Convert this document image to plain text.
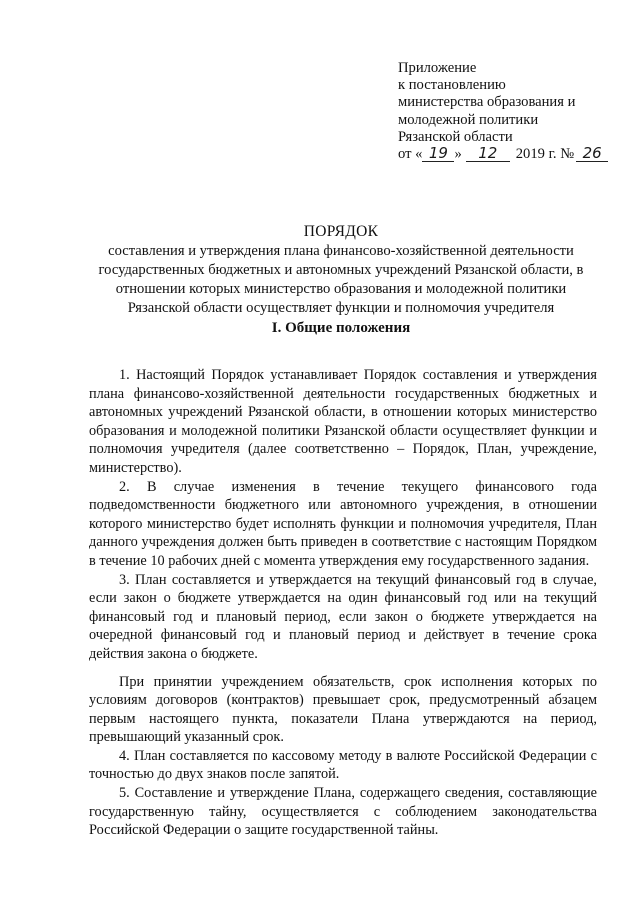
Приложение
к постановлению
министерства образования и
молодежной политики
Рязанской области
от « 19 » 12 2019 г. № 26
ПОРЯДОК
составления и утверждения плана финансово-хозяйственной деятельности государственных бюджетных и автономных учреждений Рязанской области, в отношении которых министерство образования и молодежной политики Рязанской области осуществляет функции и полномочия учредителя
I. Общие положения

1. Настоящий Порядок устанавливает Порядок составления и утверждения плана финансово-хозяйственной деятельности государственных бюджетных и автономных учреждений Рязанской области, в отношении которых министерство образования и молодежной политики Рязанской области осуществляет функции и полномочия учредителя (далее соответственно – Порядок, План, учреждение, министерство).

2. В случае изменения в течение текущего финансового года подведомственности бюджетного или автономного учреждения, в отношении которого министерство будет исполнять функции и полномочия учредителя, План данного учреждения должен быть приведен в соответствие с настоящим Порядком в течение 10 рабочих дней с момента утверждения ему государственного задания.

3. План составляется и утверждается на текущий финансовый год в случае, если закон о бюджете утверждается на один финансовый год или на текущий финансовый год и плановый период, если закон о бюджете утверждается на очередной финансовый год и плановый период и действует в течение срока действия закона о бюджете.

При принятии учреждением обязательств, срок исполнения которых по условиям договоров (контрактов) превышает срок, предусмотренный абзацем первым настоящего пункта, показатели Плана утверждаются на период, превышающий указанный срок.

4. План составляется по кассовому методу в валюте Российской Федерации с точностью до двух знаков после запятой.

5. Составление и утверждение Плана, содержащего сведения, составляющие государственную тайну, осуществляется с соблюдением законодательства Российской Федерации о защите государственной тайны.
